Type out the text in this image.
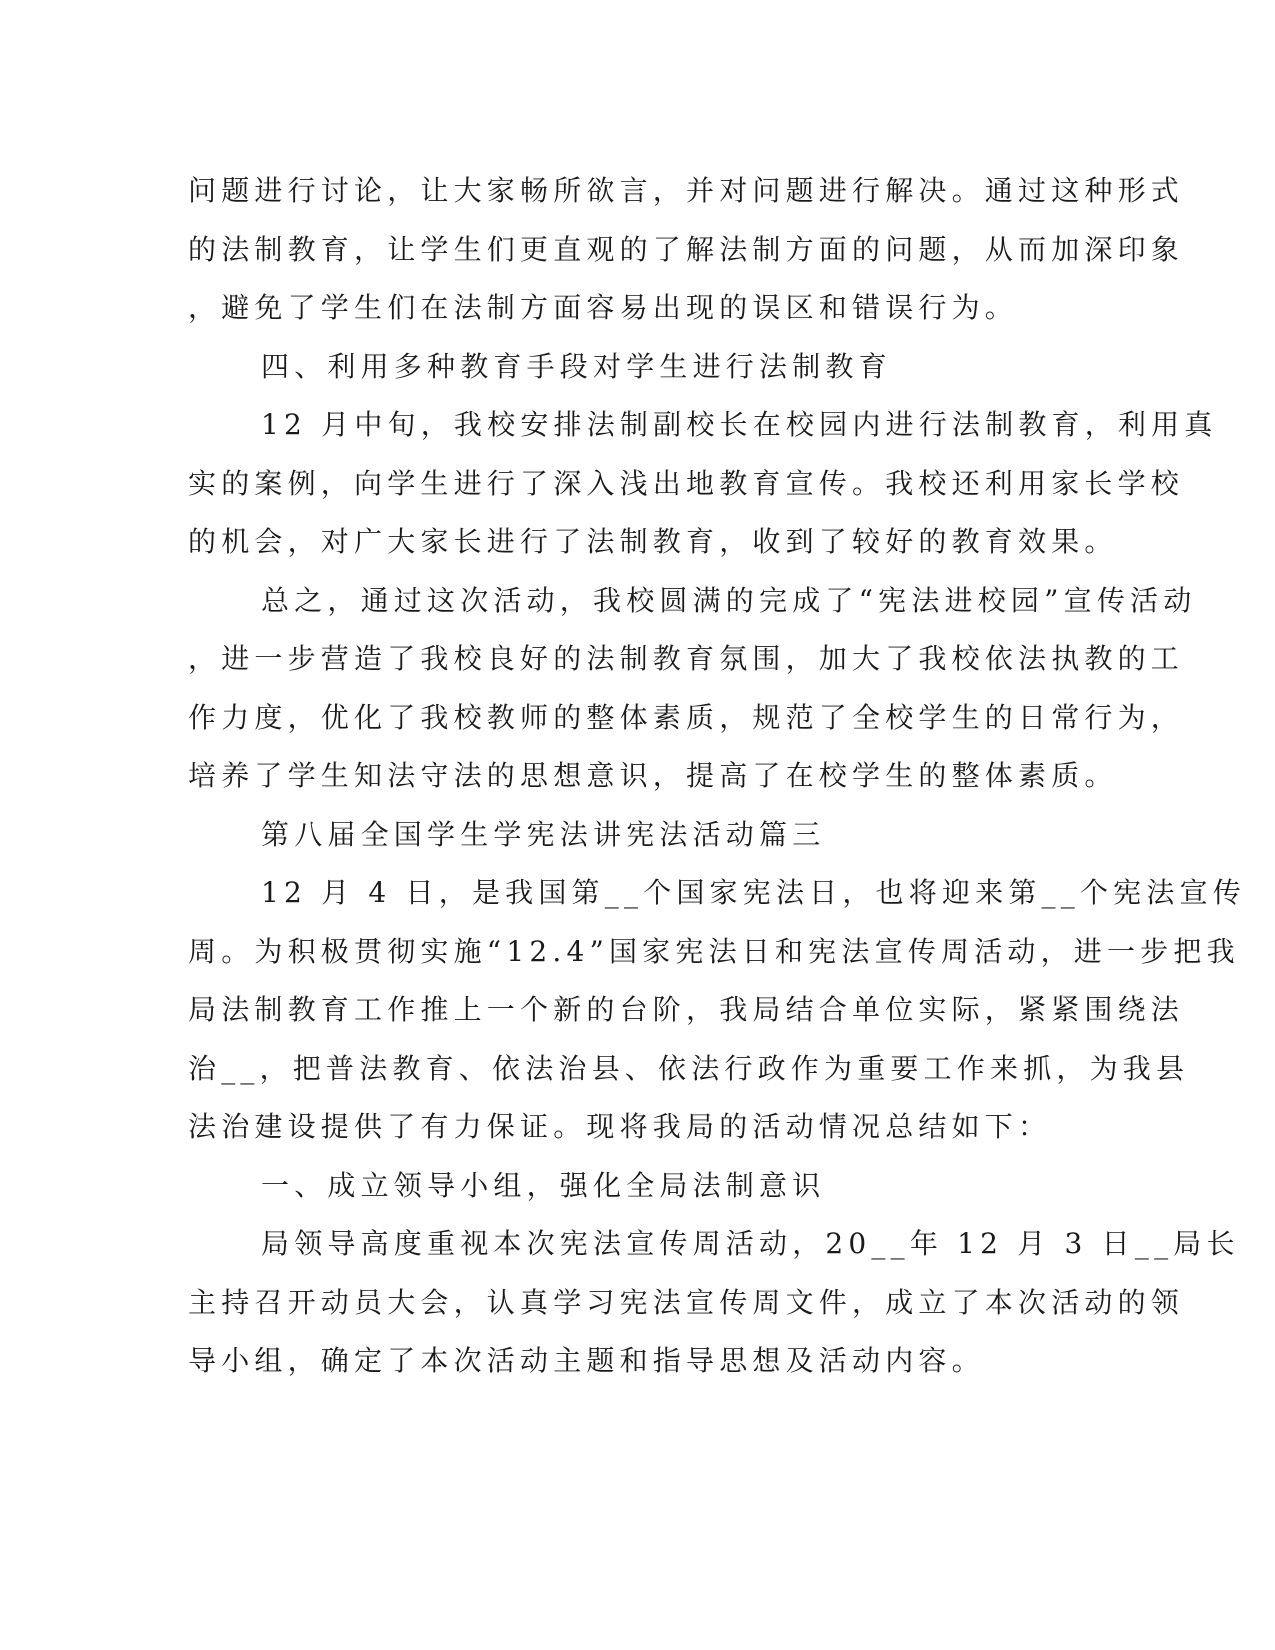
问题进行讨论，让大家畅所欲言，并对问题进行解决。通过这种形式
的法制教育，让学生们更直观的了解法制方面的问题，从而加深印象
，避免了学生们在法制方面容易出现的误区和错误行为。
四、利用多种教育手段对学生进行法制教育
12 月中旬，我校安排法制副校长在校园内进行法制教育，利用真
实的案例，向学生进行了深入浅出地教育宣传。我校还利用家长学校
的机会，对广大家长进行了法制教育，收到了较好的教育效果。
总之，通过这次活动，我校圆满的完成了“宪法进校园”宣传活动
，进一步营造了我校良好的法制教育氛围，加大了我校依法执教的工
作力度，优化了我校教师的整体素质，规范了全校学生的日常行为，
培养了学生知法守法的思想意识，提高了在校学生的整体素质。
第八届全国学生学宪法讲宪法活动篇三
12 月 4 日，是我国第__个国家宪法日，也将迎来第__个宪法宣传
周。为积极贯彻实施“12.4”国家宪法日和宪法宣传周活动，进一步把我
局法制教育工作推上一个新的台阶，我局结合单位实际，紧紧围绕法
治__，把普法教育、依法治县、依法行政作为重要工作来抓，为我县
法治建设提供了有力保证。现将我局的活动情况总结如下：
一、成立领导小组，强化全局法制意识
局领导高度重视本次宪法宣传周活动，20__年 12 月 3 日__局长
主持召开动员大会，认真学习宪法宣传周文件，成立了本次活动的领
导小组，确定了本次活动主题和指导思想及活动内容。
